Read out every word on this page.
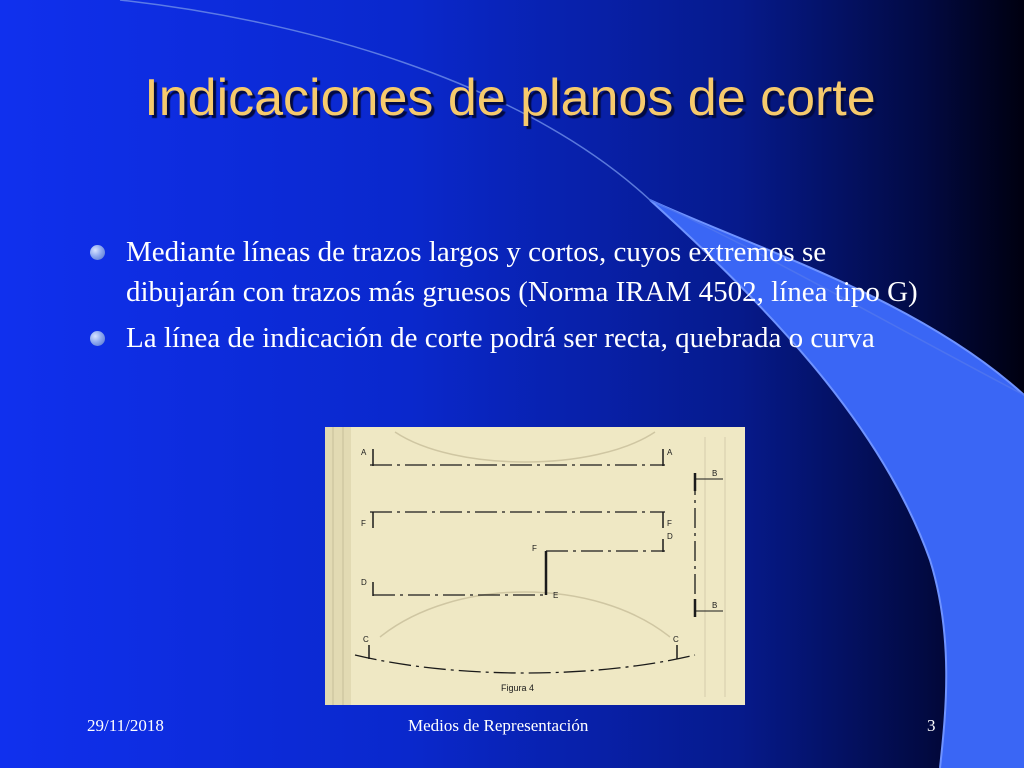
Indicaciones de planos de corte
Mediante líneas de trazos largos y cortos, cuyos extremos se dibujarán con trazos más gruesos (Norma IRAM 4502, línea tipo G)
La línea de indicación de corte podrá ser recta, quebrada o curva
A	A
B
B
F	F
D
F
D
E
C	C
Figura 4
29/11/2018	Medios de Representación	3
